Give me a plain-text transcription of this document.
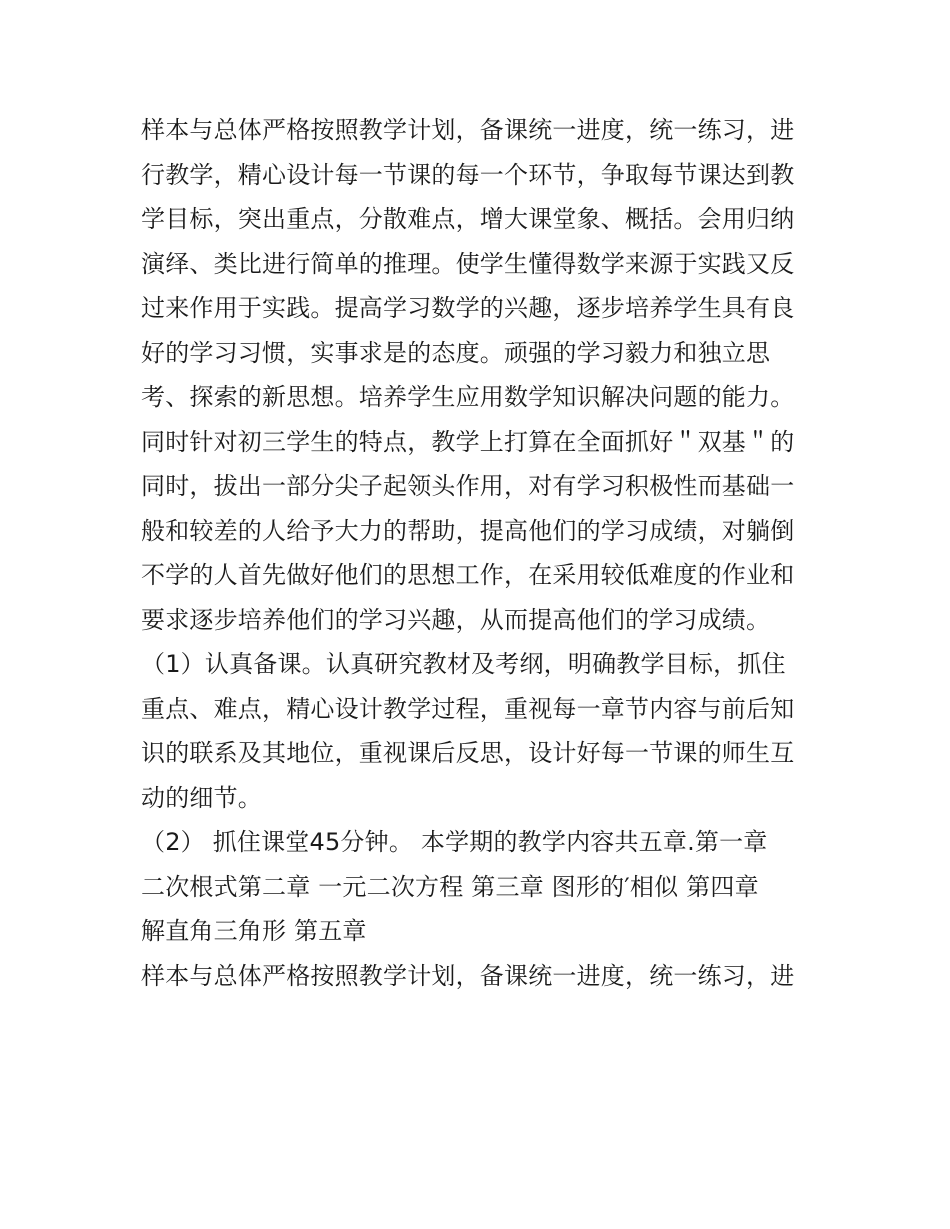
样本与总体严格按照教学计划，备课统一进度，统一练习，进
行教学，精心设计每一节课的每一个环节，争取每节课达到教
学目标，突出重点，分散难点，增大课堂象、概括。会用归纳
演绎、类比进行简单的推理。使学生懂得数学来源于实践又反
过来作用于实践。提高学习数学的兴趣，逐步培养学生具有良
好的学习习惯，实事求是的态度。顽强的学习毅力和独立思
考、探索的新思想。培养学生应用数学知识解决问题的能力。
同时针对初三学生的特点，教学上打算在全面抓好＂双基＂的
同时，拔出一部分尖子起领头作用，对有学习积极性而基础一
般和较差的人给予大力的帮助，提高他们的学习成绩，对躺倒
不学的人首先做好他们的思想工作，在采用较低难度的作业和
要求逐步培养他们的学习兴趣，从而提高他们的学习成绩。
（1）认真备课。认真研究教材及考纲，明确教学目标，抓住
重点、难点，精心设计教学过程，重视每一章节内容与前后知
识的联系及其地位，重视课后反思，设计好每一节课的师生互
动的细节。
（2） 抓住课堂45分钟。 本学期的教学内容共五章.第一章
二次根式第二章 一元二次方程 第三章 图形的′相似 第四章
解直角三角形 第五章
样本与总体严格按照教学计划，备课统一进度，统一练习，进
